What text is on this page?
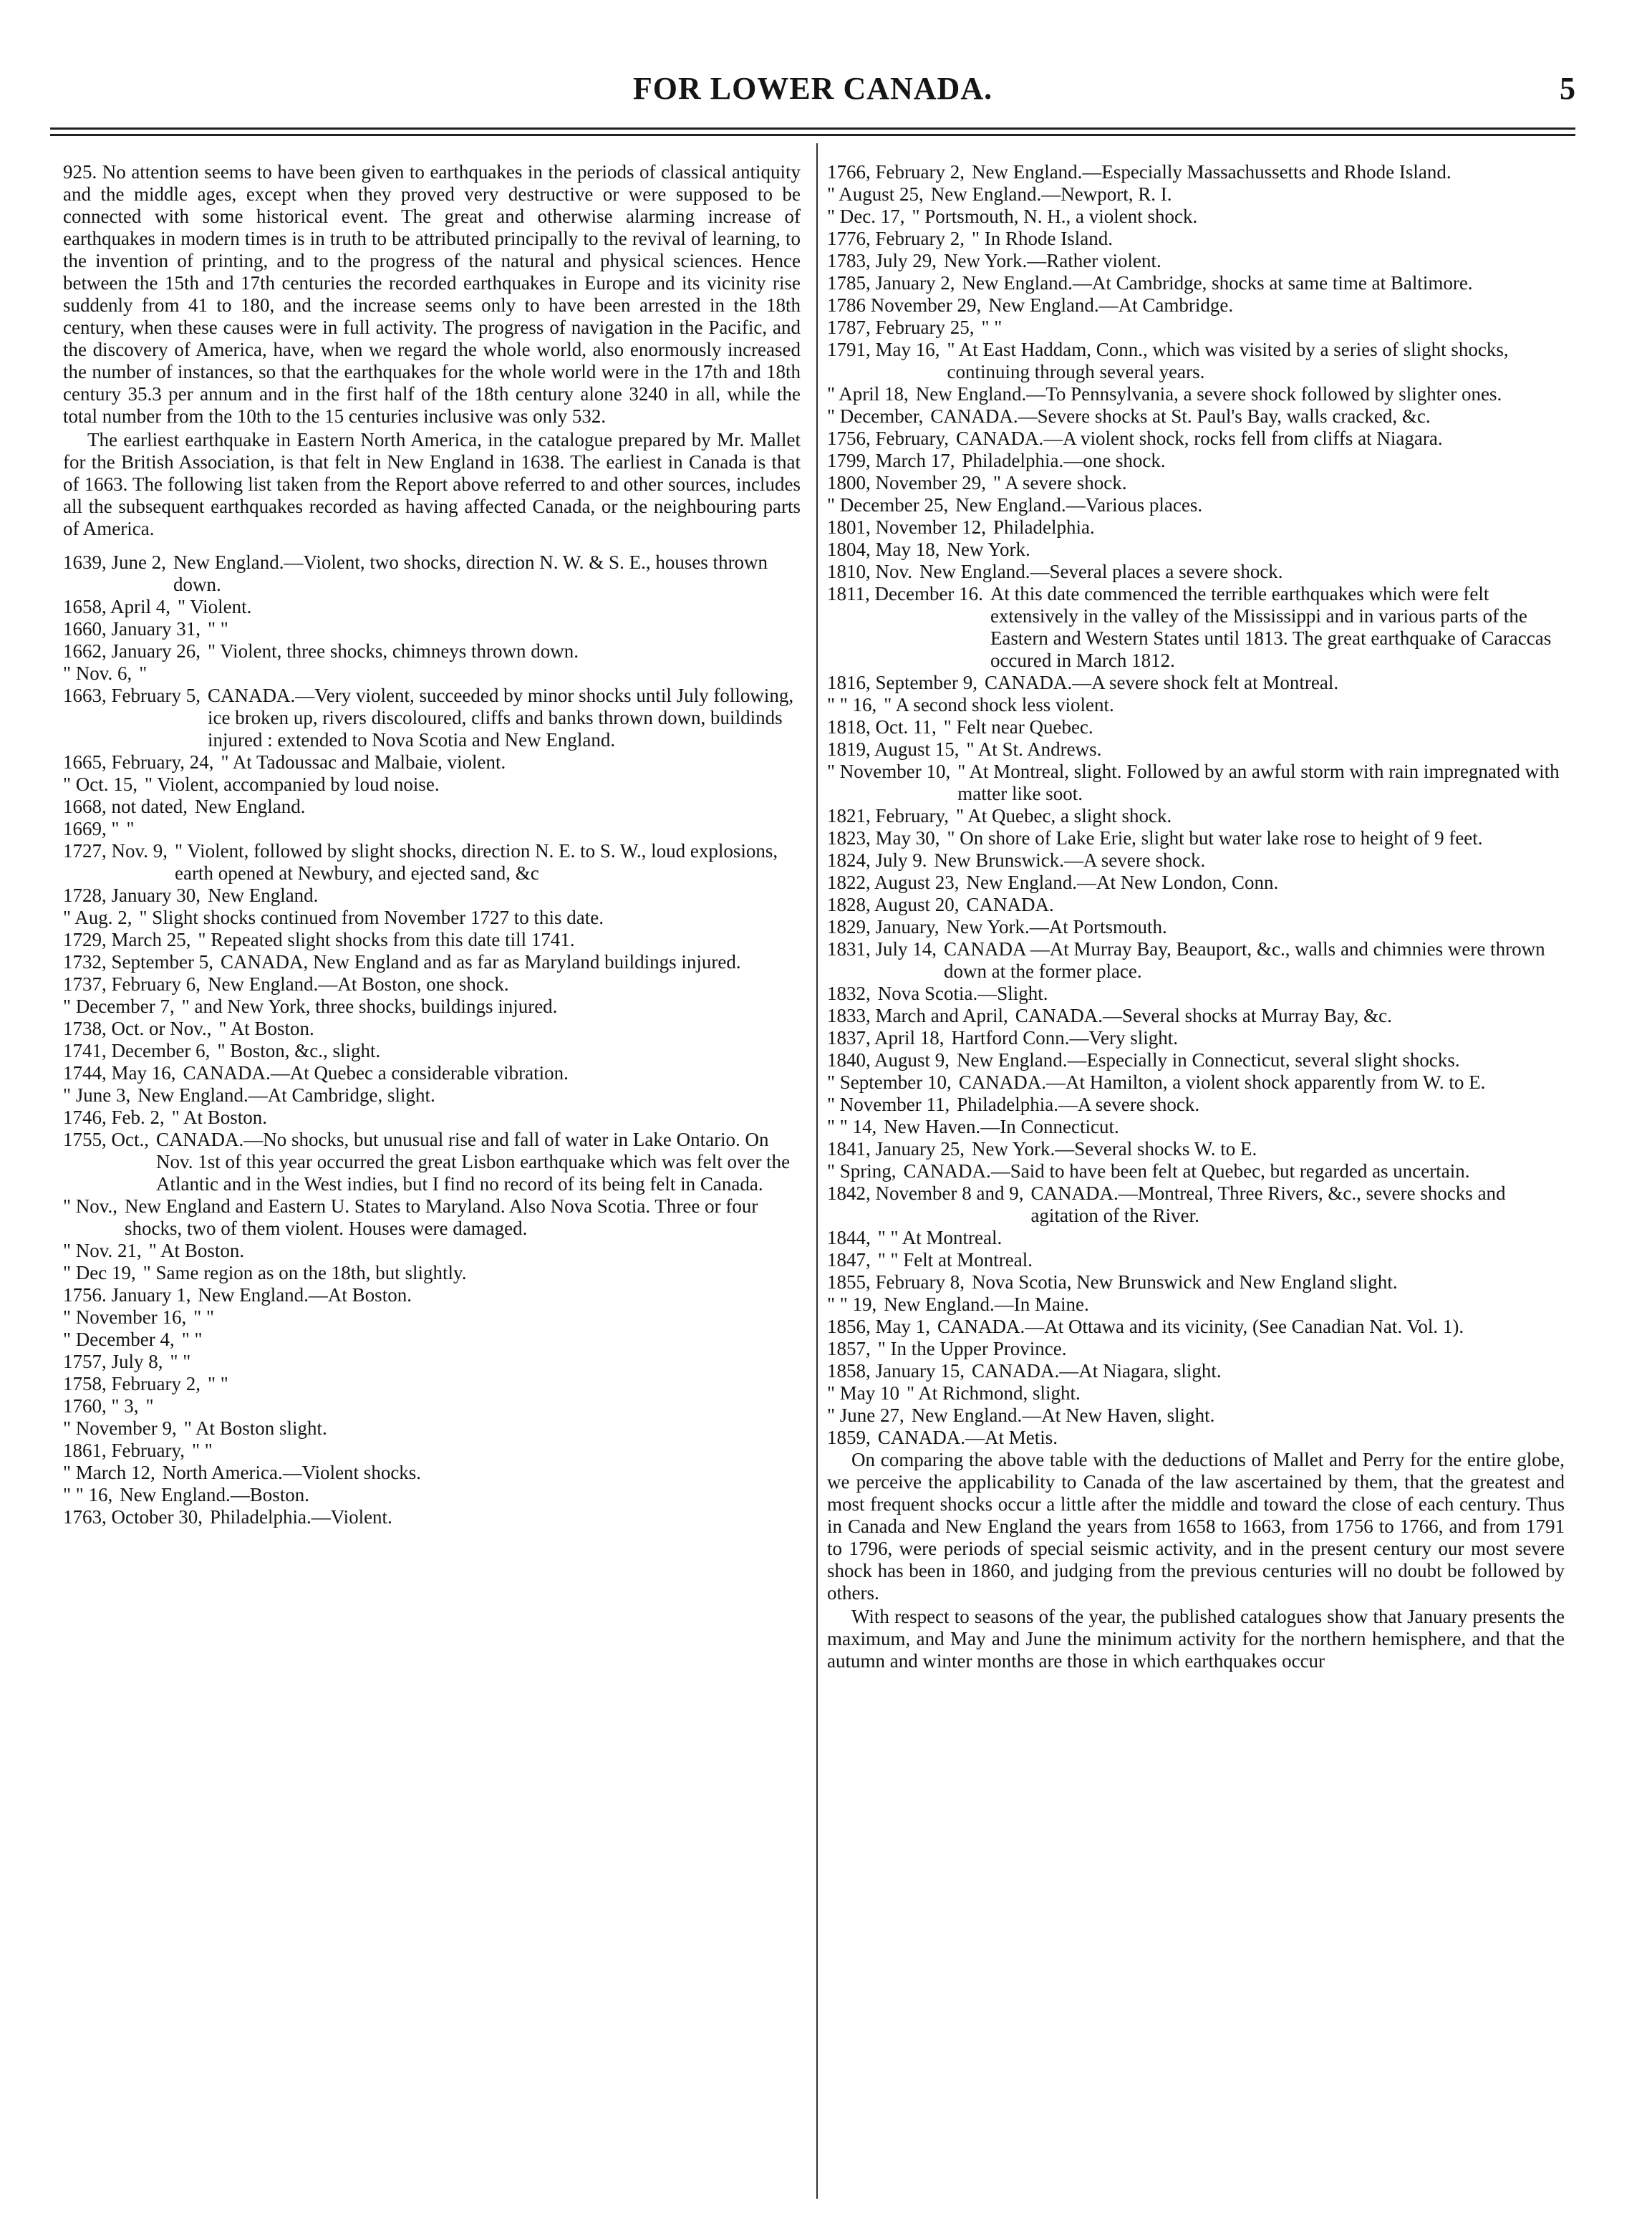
FOR LOWER CANADA.	5

925. No attention seems to have been given to earthquakes in the periods of classical antiquity and the middle ages, except when they proved very destructive or were supposed to be connected with some historical event. The great and otherwise alarming increase of earthquakes in modern times is in truth to be attributed principally to the revival of learning, to the invention of printing, and to the progress of the natural and physical sciences. Hence between the 15th and 17th centuries the recorded earthquakes in Europe and its vicinity rise suddenly from 41 to 180, and the increase seems only to have been arrested in the 18th century, when these causes were in full activity. The progress of navigation in the Pacific, and the discovery of America, have, when we regard the whole world, also enormously increased the number of instances, so that the earthquakes for the whole world were in the 17th and 18th century 35.3 per annum and in the first half of the 18th century alone 3240 in all, while the total number from the 10th to the 15 centuries inclusive was only 532.

The earliest earthquake in Eastern North America, in the catalogue prepared by Mr. Mallet for the British Association, is that felt in New England in 1638. The earliest in Canada is that of 1663. The following list taken from the Report above referred to and other sources, includes all the subsequent earthquakes recorded as having affected Canada, or the neighbouring parts of America.

1639, June 2, New England.—Violent, two shocks, direction N. W. & S. E., houses thrown down.
1658, April 4, " Violent.
1660, January 31, " "
1662, January 26, " Violent, three shocks, chimneys thrown down.
" Nov. 6, "
1663, February 5, CANADA.—Very violent, succeeded by minor shocks until July following, ice broken up, rivers discoloured, cliffs and banks thrown down, buildinds injured : extended to Nova Scotia and New England.
1665, February, 24, " At Tadoussac and Malbaie, violent.
" Oct. 15, " Violent, accompanied by loud noise.
1668, not dated, New England.
1669, " "
1727, Nov. 9, " Violent, followed by slight shocks, direction N. E. to S. W., loud explosions, earth opened at Newbury, and ejected sand, &c
1728, January 30, New England.
" Aug. 2, " Slight shocks continued from November 1727 to this date.
1729, March 25, " Repeated slight shocks from this date till 1741.
1732, September 5, CANADA, New England and as far as Maryland buildings injured.
1737, February 6, New England.—At Boston, one shock.
" December 7, " and New York, three shocks, buildings injured.
1738, Oct. or Nov., " At Boston.
1741, December 6, " Boston, &c., slight.
1744, May 16, CANADA.—At Quebec a considerable vibration.
" June 3, New England.—At Cambridge, slight.
1746, Feb. 2, " At Boston.
1755, Oct., CANADA.—No shocks, but unusual rise and fall of water in Lake Ontario. On Nov. 1st of this year occurred the great Lisbon earthquake which was felt over the Atlantic and in the West indies, but I find no record of its being felt in Canada.
" Nov., New England and Eastern U. States to Maryland. Also Nova Scotia. Three or four shocks, two of them violent. Houses were damaged.
" Nov. 21, " At Boston.
" Dec 19, " Same region as on the 18th, but slightly.
1756. January 1, New England.—At Boston.
" November 16, " "
" December 4, " "
1757, July 8, " "
1758, February 2, " "
1760, " 3, "
" November 9, " At Boston slight.
1861, February, " "
" March 12, North America.—Violent shocks.
" " 16, New England.—Boston.
1763, October 30, Philadelphia.—Violent.
1766, February 2, New England.—Especially Massachussetts and Rhode Island.
" August 25, New England.—Newport, R. I.
" Dec. 17, " Portsmouth, N. H., a violent shock.
1776, February 2, " In Rhode Island.
1783, July 29, New York.—Rather violent.
1785, January 2, New England.—At Cambridge, shocks at same time at Baltimore.
1786 November 29, New England.—At Cambridge.
1787, February 25, " "
1791, May 16, " At East Haddam, Conn., which was visited by a series of slight shocks, continuing through several years.
" April 18, New England.—To Pennsylvania, a severe shock followed by slighter ones.
" December, CANADA.—Severe shocks at St. Paul's Bay, walls cracked, &c.
1756, February, CANADA.—A violent shock, rocks fell from cliffs at Niagara.
1799, March 17, Philadelphia.—one shock.
1800, November 29, " A severe shock.
" December 25, New England.—Various places.
1801, November 12, Philadelphia.
1804, May 18, New York.
1810, Nov. New England.—Several places a severe shock.
1811, December 16. At this date commenced the terrible earthquakes which were felt extensively in the valley of the Mississippi and in various parts of the Eastern and Western States until 1813. The great earthquake of Caraccas occured in March 1812.
1816, September 9, CANADA.—A severe shock felt at Montreal.
" " 16, " A second shock less violent.
1818, Oct. 11, " Felt near Quebec.
1819, August 15, " At St. Andrews.
" November 10, " At Montreal, slight. Followed by an awful storm with rain impregnated with matter like soot.
1821, February, " At Quebec, a slight shock.
1823, May 30, " On shore of Lake Erie, slight but water lake rose to height of 9 feet.
1824, July 9. New Brunswick.—A severe shock.
1822, August 23, New England.—At New London, Conn.
1828, August 20, CANADA.
1829, January, New York.—At Portsmouth.
1831, July 14, CANADA —At Murray Bay, Beauport, &c., walls and chimnies were thrown down at the former place.
1832, Nova Scotia.—Slight.
1833, March and April, CANADA.—Several shocks at Murray Bay, &c.
1837, April 18, Hartford Conn.—Very slight.
1840, August 9, New England.—Especially in Connecticut, several slight shocks.
" September 10, CANADA.—At Hamilton, a violent shock apparently from W. to E.
" November 11, Philadelphia.—A severe shock.
" " 14, New Haven.—In Connecticut.
1841, January 25, New York.—Several shocks W. to E.
" Spring, CANADA.—Said to have been felt at Quebec, but regarded as uncertain.
1842, November 8 and 9, CANADA.—Montreal, Three Rivers, &c., severe shocks and agitation of the River.
1844, " " At Montreal.
1847, " " Felt at Montreal.
1855, February 8, Nova Scotia, New Brunswick and New England slight.
" " 19, New England.—In Maine.
1856, May 1, CANADA.—At Ottawa and its vicinity, (See Canadian Nat. Vol. 1).
1857, " In the Upper Province.
1858, January 15, CANADA.—At Niagara, slight.
" May 10 " At Richmond, slight.
" June 27, New England.—At New Haven, slight.
1859, CANADA.—At Metis.

On comparing the above table with the deductions of Mallet and Perry for the entire globe, we perceive the applicability to Canada of the law ascertained by them, that the greatest and most frequent shocks occur a little after the middle and toward the close of each century. Thus in Canada and New England the years from 1658 to 1663, from 1756 to 1766, and from 1791 to 1796, were periods of special seismic activity, and in the present century our most severe shock has been in 1860, and judging from the previous centuries will no doubt be followed by others.

With respect to seasons of the year, the published catalogues show that January presents the maximum, and May and June the minimum activity for the northern hemisphere, and that the autumn and winter months are those in which earthquakes occur
